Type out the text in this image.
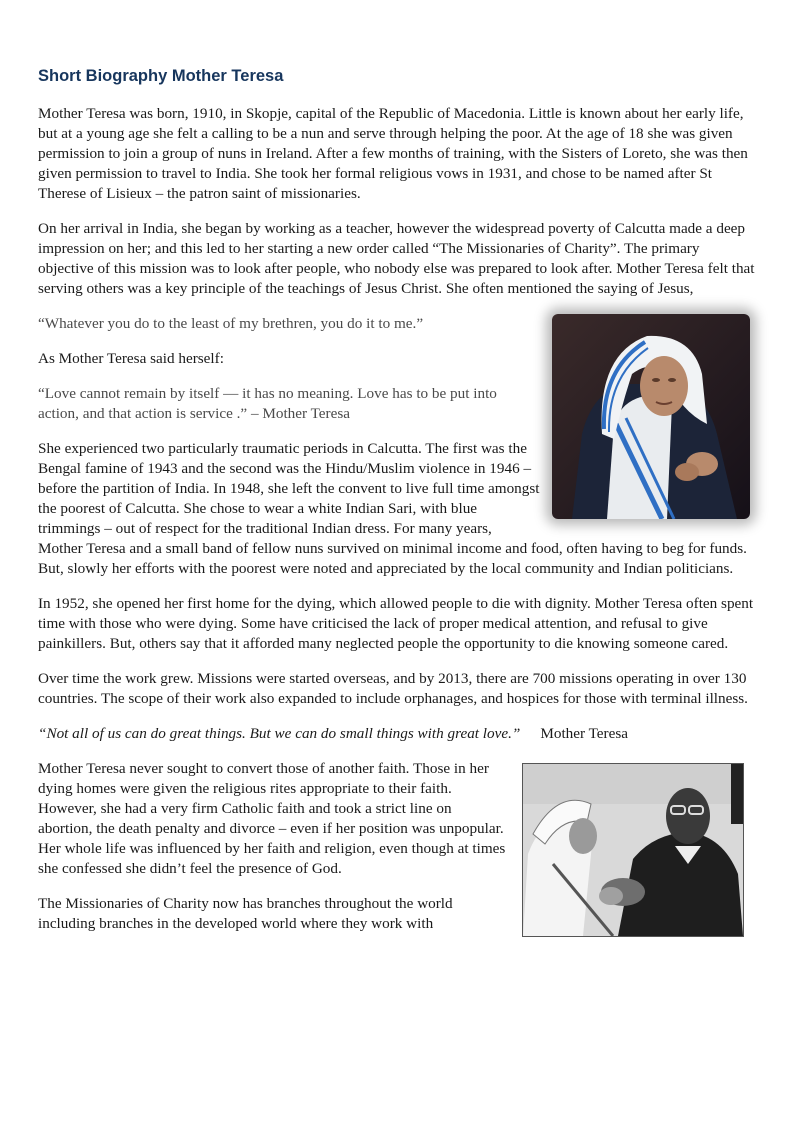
Short Biography Mother Teresa

Mother Teresa was born, 1910, in Skopje, capital of the Republic of Macedonia. Little is known about her early life, but at a young age she felt a calling to be a nun and serve through helping the poor. At the age of 18 she was given permission to join a group of nuns in Ireland. After a few months of training, with the Sisters of Loreto, she was then given permission to travel to India. She took her formal religious vows in 1931, and chose to be named after St Therese of Lisieux – the patron saint of missionaries.

On her arrival in India, she began by working as a teacher, however the widespread poverty of Calcutta made a deep impression on her; and this led to her starting a new order called “The Missionaries of Charity”. The primary objective of this mission was to look after people, who nobody else was prepared to look after. Mother Teresa felt that serving others was a key principle of the teachings of Jesus Christ. She often mentioned the saying of Jesus,

“Whatever you do to the least of my brethren, you do it to me.”

As Mother Teresa said herself:

“Love cannot remain by itself — it has no meaning. Love has to be put into action, and that action is service .” – Mother Teresa

She experienced two particularly traumatic periods in Calcutta. The first was the Bengal famine of 1943 and the second was the Hindu/Muslim violence in 1946 – before the partition of India. In 1948, she left the convent to live full time amongst the poorest of Calcutta. She chose to wear a white Indian Sari, with blue trimmings – out of respect for the traditional Indian dress. For many years, Mother Teresa and a small band of fellow nuns survived on minimal income and food, often having to beg for funds. But, slowly her efforts with the poorest were noted and appreciated by the local community and Indian politicians.

In 1952, she opened her first home for the dying, which allowed people to die with dignity. Mother Teresa often spent time with those who were dying. Some have criticised the lack of proper medical attention, and refusal to give painkillers. But, others say that it afforded many neglected people the opportunity to die knowing someone cared.

Over time the work grew. Missions were started overseas, and by 2013, there are 700 missions operating in over 130 countries. The scope of their work also expanded to include orphanages, and hospices for those with terminal illness.

“Not all of us can do great things. But we can do small things with great love.” Mother Teresa

Mother Teresa never sought to convert those of another faith. Those in her dying homes were given the religious rites appropriate to their faith. However, she had a very firm Catholic faith and took a strict line on abortion, the death penalty and divorce – even if her position was unpopular. Her whole life was influenced by her faith and religion, even though at times she confessed she didn’t feel the presence of God.

The Missionaries of Charity now has branches throughout the world including branches in the developed world where they work with
